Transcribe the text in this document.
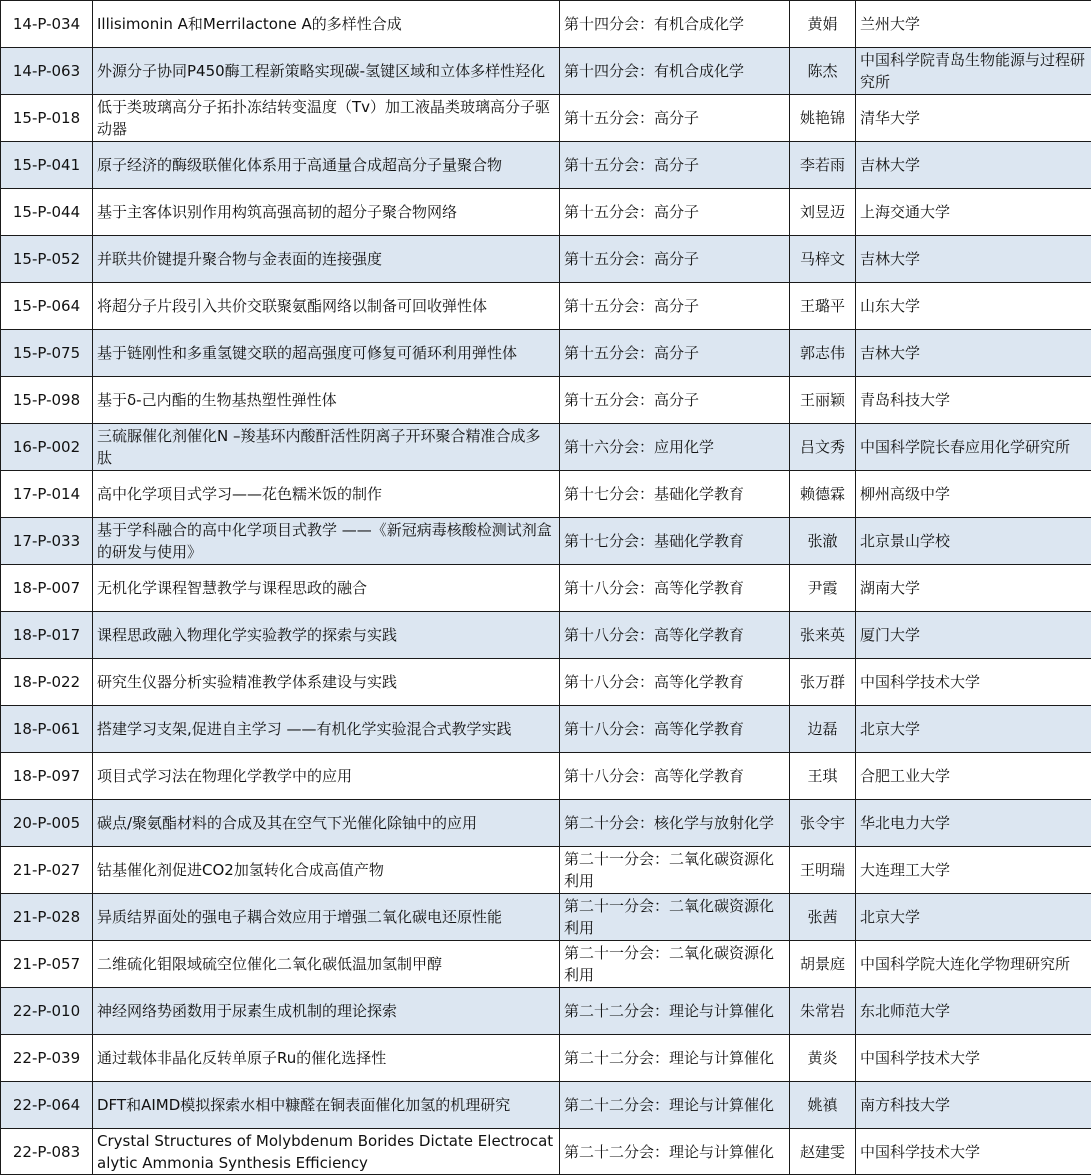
14-P-034	Illisimonin A和Merrilactone A的多样性合成	第十四分会：有机合成化学	黄娟	兰州大学
14-P-063	外源分子协同P450酶工程新策略实现碳-氢键区域和立体多样性羟化	第十四分会：有机合成化学	陈杰	中国科学院青岛生物能源与过程研究所
15-P-018	低于类玻璃高分子拓扑冻结转变温度（Tv）加工液晶类玻璃高分子驱动器	第十五分会：高分子	姚艳锦	清华大学
15-P-041	原子经济的酶级联催化体系用于高通量合成超高分子量聚合物	第十五分会：高分子	李若雨	吉林大学
15-P-044	基于主客体识别作用构筑高强高韧的超分子聚合物网络	第十五分会：高分子	刘昱迈	上海交通大学
15-P-052	并联共价键提升聚合物与金表面的连接强度	第十五分会：高分子	马梓文	吉林大学
15-P-064	将超分子片段引入共价交联聚氨酯网络以制备可回收弹性体	第十五分会：高分子	王璐平	山东大学
15-P-075	基于链刚性和多重氢键交联的超高强度可修复可循环利用弹性体	第十五分会：高分子	郭志伟	吉林大学
15-P-098	基于δ-己内酯的生物基热塑性弹性体	第十五分会：高分子	王丽颖	青岛科技大学
16-P-002	三硫脲催化剂催化N –羧基环内酸酐活性阴离子开环聚合精准合成多肽	第十六分会：应用化学	吕文秀	中国科学院长春应用化学研究所
17-P-014	高中化学项目式学习——花色糯米饭的制作	第十七分会：基础化学教育	赖德霖	柳州高级中学
17-P-033	基于学科融合的高中化学项目式教学 ——《新冠病毒核酸检测试剂盒的研发与使用》	第十七分会：基础化学教育	张澈	北京景山学校
18-P-007	无机化学课程智慧教学与课程思政的融合	第十八分会：高等化学教育	尹霞	湖南大学
18-P-017	课程思政融入物理化学实验教学的探索与实践	第十八分会：高等化学教育	张来英	厦门大学
18-P-022	研究生仪器分析实验精准教学体系建设与实践	第十八分会：高等化学教育	张万群	中国科学技术大学
18-P-061	搭建学习支架,促进自主学习 ——有机化学实验混合式教学实践	第十八分会：高等化学教育	边磊	北京大学
18-P-097	项目式学习法在物理化学教学中的应用	第十八分会：高等化学教育	王琪	合肥工业大学
20-P-005	碳点/聚氨酯材料的合成及其在空气下光催化除铀中的应用	第二十分会：核化学与放射化学	张令宇	华北电力大学
21-P-027	钴基催化剂促进CO2加氢转化合成高值产物	第二十一分会：二氧化碳资源化利用	王明瑞	大连理工大学
21-P-028	异质结界面处的强电子耦合效应用于增强二氧化碳电还原性能	第二十一分会：二氧化碳资源化利用	张茜	北京大学
21-P-057	二维硫化钼限域硫空位催化二氧化碳低温加氢制甲醇	第二十一分会：二氧化碳资源化利用	胡景庭	中国科学院大连化学物理研究所
22-P-010	神经网络势函数用于尿素生成机制的理论探索	第二十二分会：理论与计算催化	朱常岩	东北师范大学
22-P-039	通过载体非晶化反转单原子Ru的催化选择性	第二十二分会：理论与计算催化	黄炎	中国科学技术大学
22-P-064	DFT和AIMD模拟探索水相中糠醛在铜表面催化加氢的机理研究	第二十二分会：理论与计算催化	姚禛	南方科技大学
22-P-083	Crystal Structures of Molybdenum Borides Dictate Electrocatalytic Ammonia Synthesis Efficiency	第二十二分会：理论与计算催化	赵建雯	中国科学技术大学
